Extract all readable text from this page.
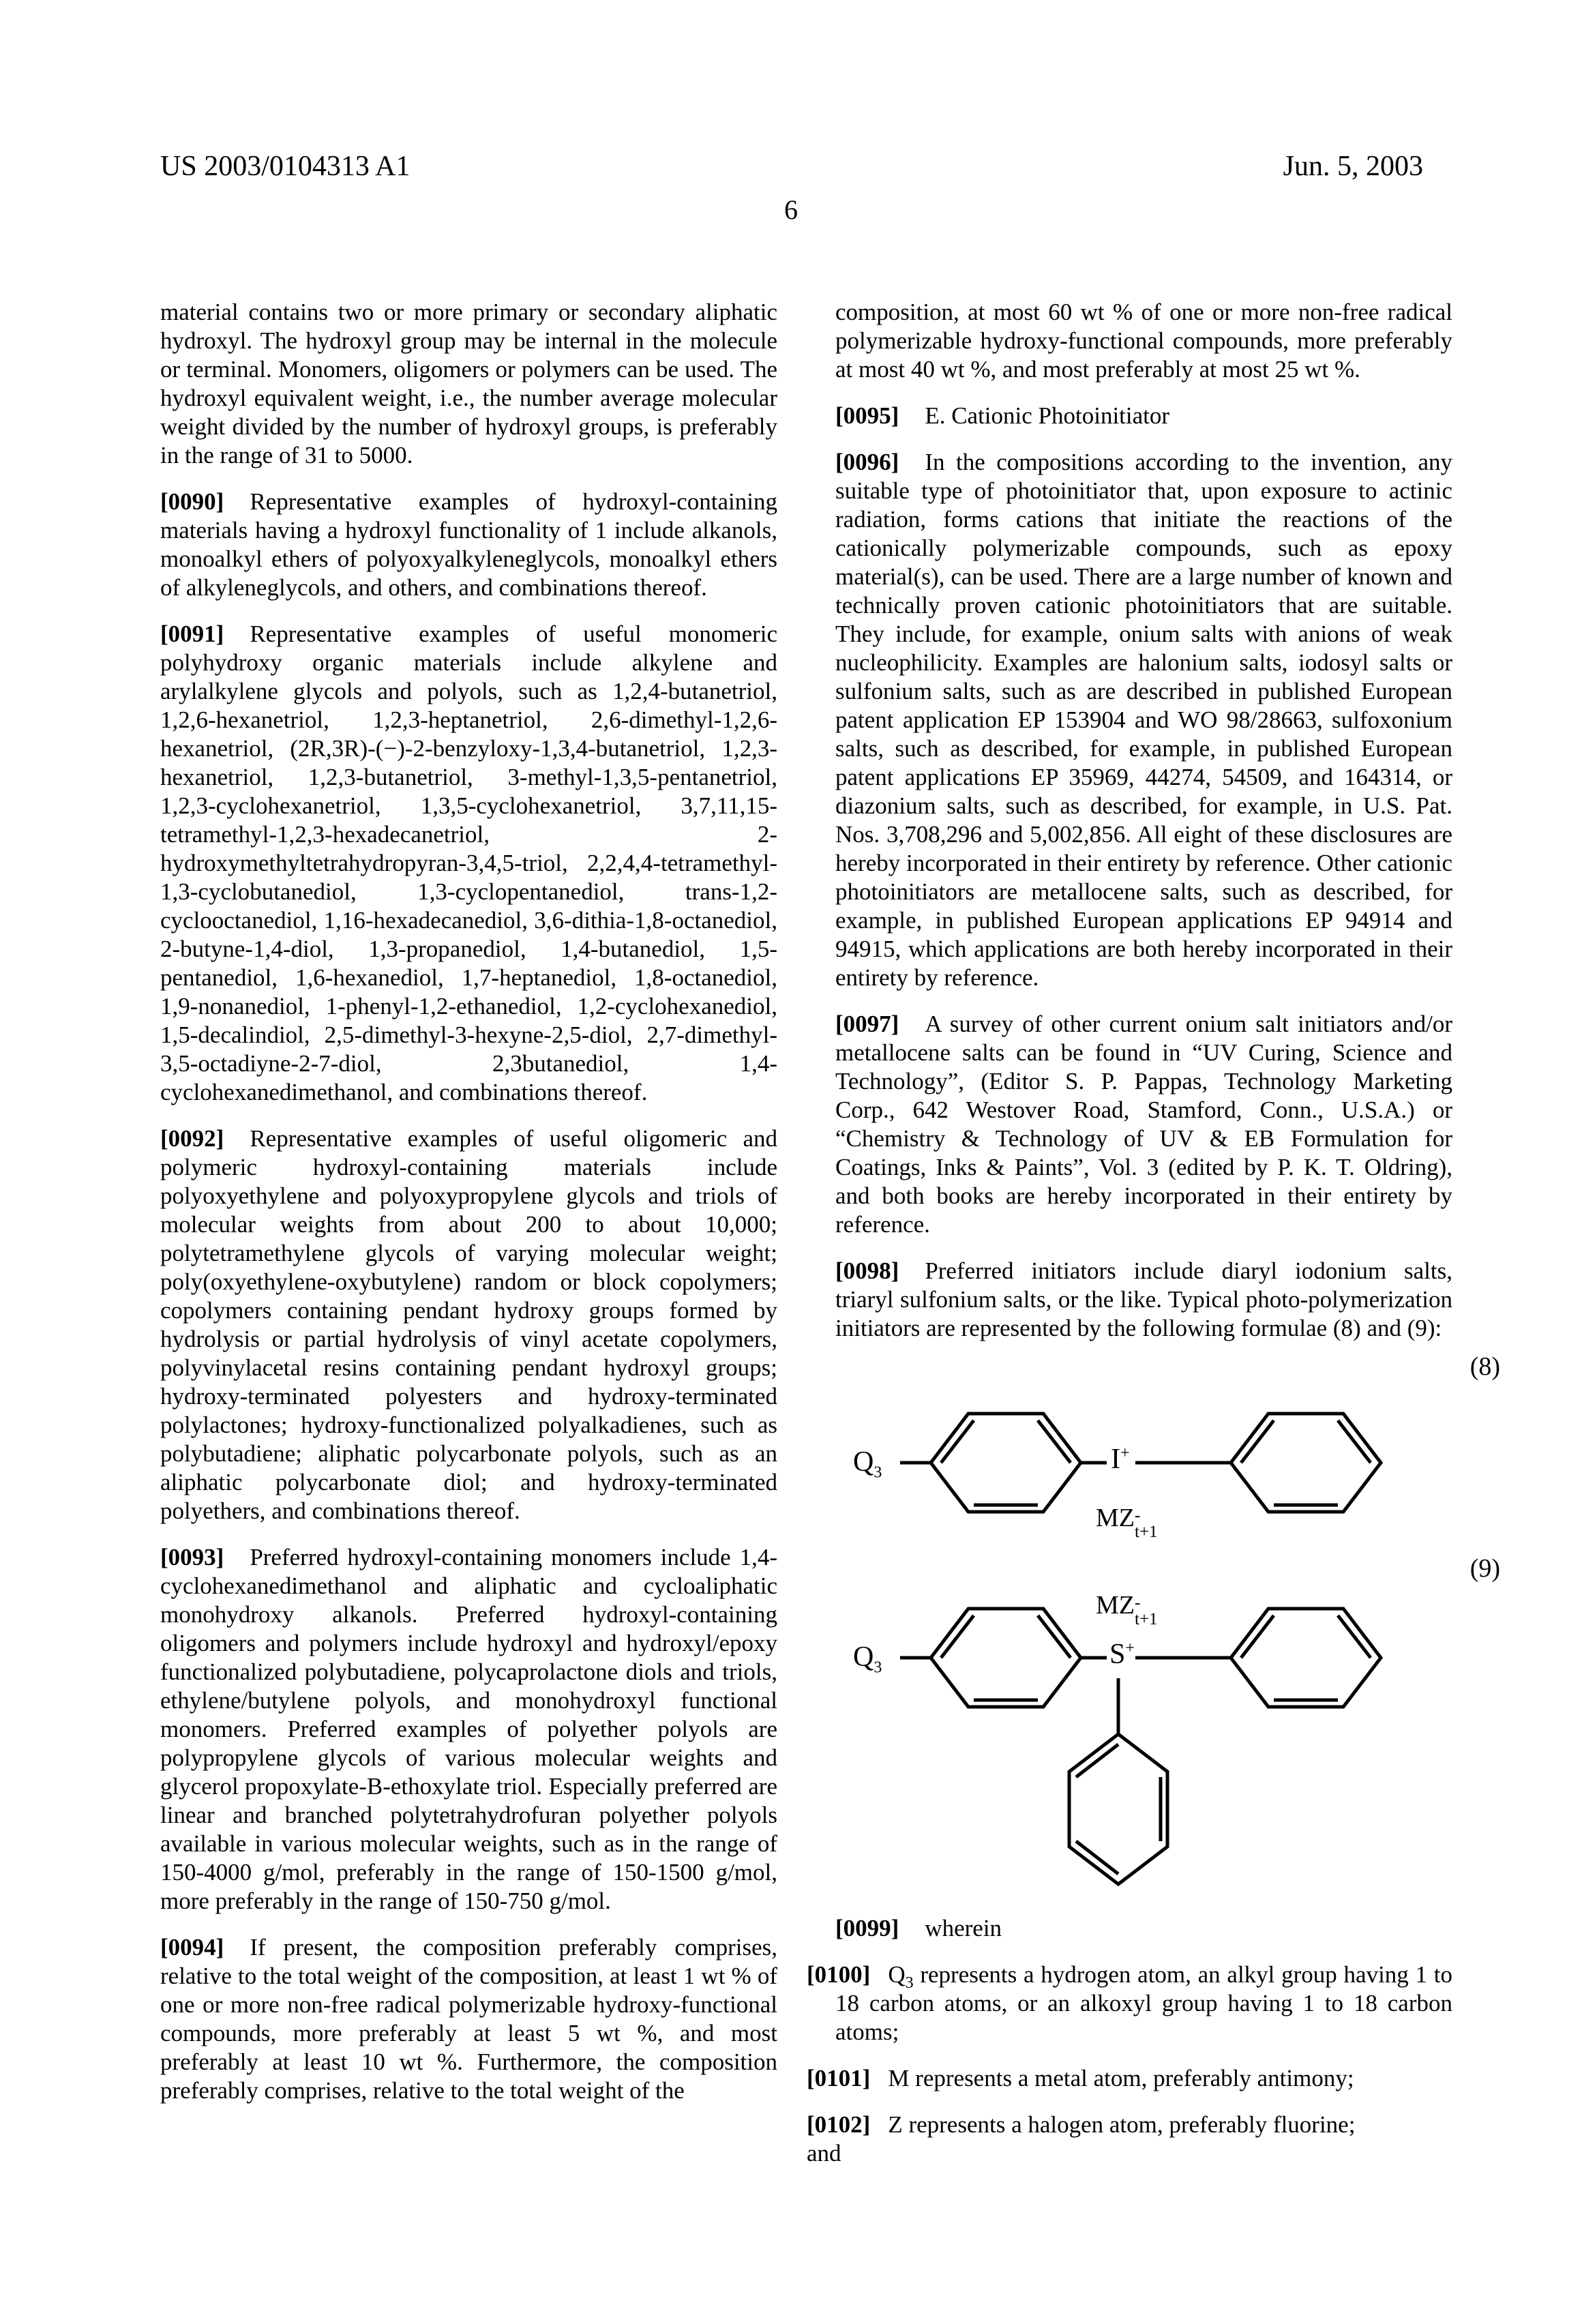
US 2003/0104313 A1	Jun. 5, 2003
6

material contains two or more primary or secondary aliphatic hydroxyl. The hydroxyl group may be internal in the molecule or terminal. Monomers, oligomers or polymers can be used. The hydroxyl equivalent weight, i.e., the number average molecular weight divided by the number of hydroxyl groups, is preferably in the range of 31 to 5000.

[0090] Representative examples of hydroxyl-containing materials having a hydroxyl functionality of 1 include alkanols, monoalkyl ethers of polyoxyalkyleneglycols, monoalkyl ethers of alkyleneglycols, and others, and combinations thereof.

[0091] Representative examples of useful monomeric polyhydroxy organic materials include alkylene and arylalkylene glycols and polyols, such as 1,2,4-butanetriol, 1,2,6-hexanetriol, 1,2,3-heptanetriol, 2,6-dimethyl-1,2,6-hexanetriol, (2R,3R)-(−)-2-benzyloxy-1,3,4-butanetriol, 1,2,3-hexanetriol, 1,2,3-butanetriol, 3-methyl-1,3,5-pentanetriol, 1,2,3-cyclohexanetriol, 1,3,5-cyclohexanetriol, 3,7,11,15-tetramethyl-1,2,3-hexadecanetriol, 2-hydroxymethyltetrahydropyran-3,4,5-triol, 2,2,4,4-tetramethyl-1,3-cyclobutanediol, 1,3-cyclopentanediol, trans-1,2-cyclooctanediol, 1,16-hexadecanediol, 3,6-dithia-1,8-octanediol, 2-butyne-1,4-diol, 1,3-propanediol, 1,4-butanediol, 1,5-pentanediol, 1,6-hexanediol, 1,7-heptanediol, 1,8-octanediol, 1,9-nonanediol, 1-phenyl-1,2-ethanediol, 1,2-cyclohexanediol, 1,5-decalindiol, 2,5-dimethyl-3-hexyne-2,5-diol, 2,7-dimethyl-3,5-octadiyne-2-7-diol, 2,3butanediol, 1,4-cyclohexanedimethanol, and combinations thereof.

[0092] Representative examples of useful oligomeric and polymeric hydroxyl-containing materials include polyoxyethylene and polyoxypropylene glycols and triols of molecular weights from about 200 to about 10,000; polytetramethylene glycols of varying molecular weight; poly(oxyethylene-oxybutylene) random or block copolymers; copolymers containing pendant hydroxy groups formed by hydrolysis or partial hydrolysis of vinyl acetate copolymers, polyvinylacetal resins containing pendant hydroxyl groups; hydroxy-terminated polyesters and hydroxy-terminated polylactones; hydroxy-functionalized polyalkadienes, such as polybutadiene; aliphatic polycarbonate polyols, such as an aliphatic polycarbonate diol; and hydroxy-terminated polyethers, and combinations thereof.

[0093] Preferred hydroxyl-containing monomers include 1,4-cyclohexanedimethanol and aliphatic and cycloaliphatic monohydroxy alkanols. Preferred hydroxyl-containing oligomers and polymers include hydroxyl and hydroxyl/epoxy functionalized polybutadiene, polycaprolactone diols and triols, ethylene/butylene polyols, and monohydroxyl functional monomers. Preferred examples of polyether polyols are polypropylene glycols of various molecular weights and glycerol propoxylate-B-ethoxylate triol. Especially preferred are linear and branched polytetrahydrofuran polyether polyols available in various molecular weights, such as in the range of 150-4000 g/mol, preferably in the range of 150-1500 g/mol, more preferably in the range of 150-750 g/mol.

[0094] If present, the composition preferably comprises, relative to the total weight of the composition, at least 1 wt % of one or more non-free radical polymerizable hydroxy-functional compounds, more preferably at least 5 wt %, and most preferably at least 10 wt %. Furthermore, the composition preferably comprises, relative to the total weight of the

composition, at most 60 wt % of one or more non-free radical polymerizable hydroxy-functional compounds, more preferably at most 40 wt %, and most preferably at most 25 wt %.

[0095] E. Cationic Photoinitiator

[0096] In the compositions according to the invention, any suitable type of photoinitiator that, upon exposure to actinic radiation, forms cations that initiate the reactions of the cationically polymerizable compounds, such as epoxy material(s), can be used. There are a large number of known and technically proven cationic photoinitiators that are suitable. They include, for example, onium salts with anions of weak nucleophilicity. Examples are halonium salts, iodosyl salts or sulfonium salts, such as are described in published European patent application EP 153904 and WO 98/28663, sulfoxonium salts, such as described, for example, in published European patent applications EP 35969, 44274, 54509, and 164314, or diazonium salts, such as described, for example, in U.S. Pat. Nos. 3,708,296 and 5,002,856. All eight of these disclosures are hereby incorporated in their entirety by reference. Other cationic photoinitiators are metallocene salts, such as described, for example, in published European applications EP 94914 and 94915, which applications are both hereby incorporated in their entirety by reference.

[0097] A survey of other current onium salt initiators and/or metallocene salts can be found in “UV Curing, Science and Technology”, (Editor S. P. Pappas, Technology Marketing Corp., 642 Westover Road, Stamford, Conn., U.S.A.) or “Chemistry & Technology of UV & EB Formulation for Coatings, Inks & Paints”, Vol. 3 (edited by P. K. T. Oldring), and both books are hereby incorporated in their entirety by reference.

[0098] Preferred initiators include diaryl iodonium salts, triaryl sulfonium salts, or the like. Typical photo-polymerization initiators are represented by the following formulae (8) and (9):

(8)
$Q_3$	I+
MZ -
t+1
(9)
MZ -
t+1
$Q_3$	S+

[0099] wherein

[0100] $Q_3$ represents a hydrogen atom, an alkyl group having 1 to 18 carbon atoms, or an alkoxyl group having 1 to 18 carbon atoms;

[0101] M represents a metal atom, preferably antimony;

[0102] Z represents a halogen atom, preferably fluorine;
and
